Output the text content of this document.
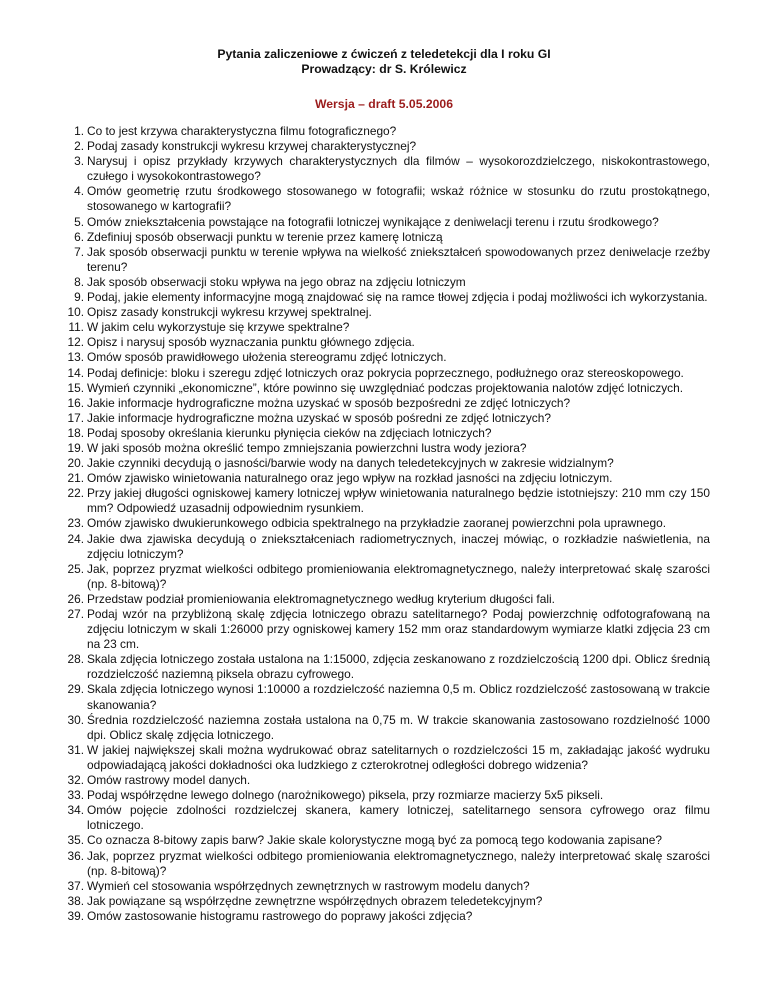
Pytania zaliczeniowe z ćwiczeń z teledetekcji dla I roku GI

Prowadzący: dr S. Królewicz

Wersja – draft 5.05.2006
1. Co to jest krzywa charakterystyczna filmu fotograficznego?
2. Podaj zasady konstrukcji wykresu krzywej charakterystycznej?
3. Narysuj i opisz przykłady krzywych charakterystycznych dla filmów – wysokorozdzielczego, niskokontrastowego, czułego i wysokokontrastowego?
4. Omów geometrię rzutu środkowego stosowanego w fotografii; wskaż różnice w stosunku do rzutu prostokątnego, stosowanego w kartografii?
5. Omów zniekształcenia powstające na fotografii lotniczej wynikające z deniwelacji terenu i rzutu środkowego?
6. Zdefiniuj sposób obserwacji punktu w terenie przez kamerę lotniczą
7. Jak sposób obserwacji punktu w terenie wpływa na wielkość zniekształceń spowodowanych przez deniwelacje rzeźby terenu?
8. Jak sposób obserwacji stoku wpływa na jego obraz na zdjęciu lotniczym
9. Podaj, jakie elementy informacyjne mogą znajdować się na ramce tłowej zdjęcia i podaj możliwości ich wykorzystania.
10. Opisz zasady konstrukcji wykresu krzywej spektralnej.
11. W jakim celu wykorzystuje się krzywe spektralne?
12. Opisz i narysuj sposób wyznaczania punktu głównego zdjęcia.
13. Omów sposób prawidłowego ułożenia stereogramu zdjęć lotniczych.
14. Podaj definicje: bloku i szeregu zdjęć lotniczych oraz pokrycia poprzecznego, podłużnego oraz stereoskopowego.
15. Wymień czynniki „ekonomiczne”, które powinno się uwzględniać podczas projektowania nalotów zdjęć lotniczych.
16. Jakie informacje hydrograficzne można uzyskać w sposób bezpośredni ze zdjęć lotniczych?
17. Jakie informacje hydrograficzne można uzyskać w sposób pośredni ze zdjęć lotniczych?
18. Podaj sposoby określania kierunku płynięcia cieków na zdjęciach lotniczych?
19. W jaki sposób można określić tempo zmniejszania powierzchni lustra wody jeziora?
20. Jakie czynniki decydują o jasności/barwie wody na danych teledetekcyjnych w zakresie widzialnym?
21. Omów zjawisko winietowania naturalnego oraz jego wpływ na rozkład jasności na zdjęciu lotniczym.
22. Przy jakiej długości ogniskowej kamery lotniczej wpływ winietowania naturalnego będzie istotniejszy: 210 mm czy 150 mm? Odpowiedź uzasadnij odpowiednim rysunkiem.
23. Omów zjawisko dwukierunkowego odbicia spektralnego na przykładzie zaoranej powierzchni pola uprawnego.
24. Jakie dwa zjawiska decydują o zniekształceniach radiometrycznych, inaczej mówiąc, o rozkładzie naświetlenia, na zdjęciu lotniczym?
25. Jak, poprzez pryzmat wielkości odbitego promieniowania elektromagnetycznego, należy interpretować skalę szarości (np. 8-bitową)?
26. Przedstaw podział promieniowania elektromagnetycznego według kryterium długości fali.
27. Podaj wzór na przybliżoną skalę zdjęcia lotniczego obrazu satelitarnego? Podaj powierzchnię odfotografowaną na zdjęciu lotniczym w skali 1:26000 przy ogniskowej kamery 152 mm oraz standardowym wymiarze klatki zdjęcia 23 cm na 23 cm.
28. Skala zdjęcia lotniczego została ustalona na 1:15000, zdjęcia zeskanowano z rozdzielczością 1200 dpi. Oblicz średnią rozdzielczość naziemną piksela obrazu cyfrowego.
29. Skala zdjęcia lotniczego wynosi 1:10000 a rozdzielczość naziemna 0,5 m. Oblicz rozdzielczość zastosowaną w trakcie skanowania?
30. Średnia rozdzielczość naziemna została ustalona na 0,75 m. W trakcie skanowania zastosowano rozdzielność 1000 dpi. Oblicz skalę zdjęcia lotniczego.
31. W jakiej największej skali można wydrukować obraz satelitarnych o rozdzielczości 15 m, zakładając jakość wydruku odpowiadającą jakości dokładności oka ludzkiego z czterokrotnej odległości dobrego widzenia?
32. Omów rastrowy model danych.
33. Podaj współrzędne lewego dolnego (narożnikowego) piksela, przy rozmiarze macierzy 5x5 pikseli.
34. Omów pojęcie zdolności rozdzielczej skanera, kamery lotniczej, satelitarnego sensora cyfrowego oraz filmu lotniczego.
35. Co oznacza 8-bitowy zapis barw? Jakie skale kolorystyczne mogą być za pomocą tego kodowania zapisane?
36. Jak, poprzez pryzmat wielkości odbitego promieniowania elektromagnetycznego, należy interpretować skalę szarości (np. 8-bitową)?
37. Wymień cel stosowania współrzędnych zewnętrznych w rastrowym modelu danych?
38. Jak powiązane są współrzędne zewnętrzne współrzędnych obrazem teledetekcyjnym?
39. Omów zastosowanie histogramu rastrowego do poprawy jakości zdjęcia?
